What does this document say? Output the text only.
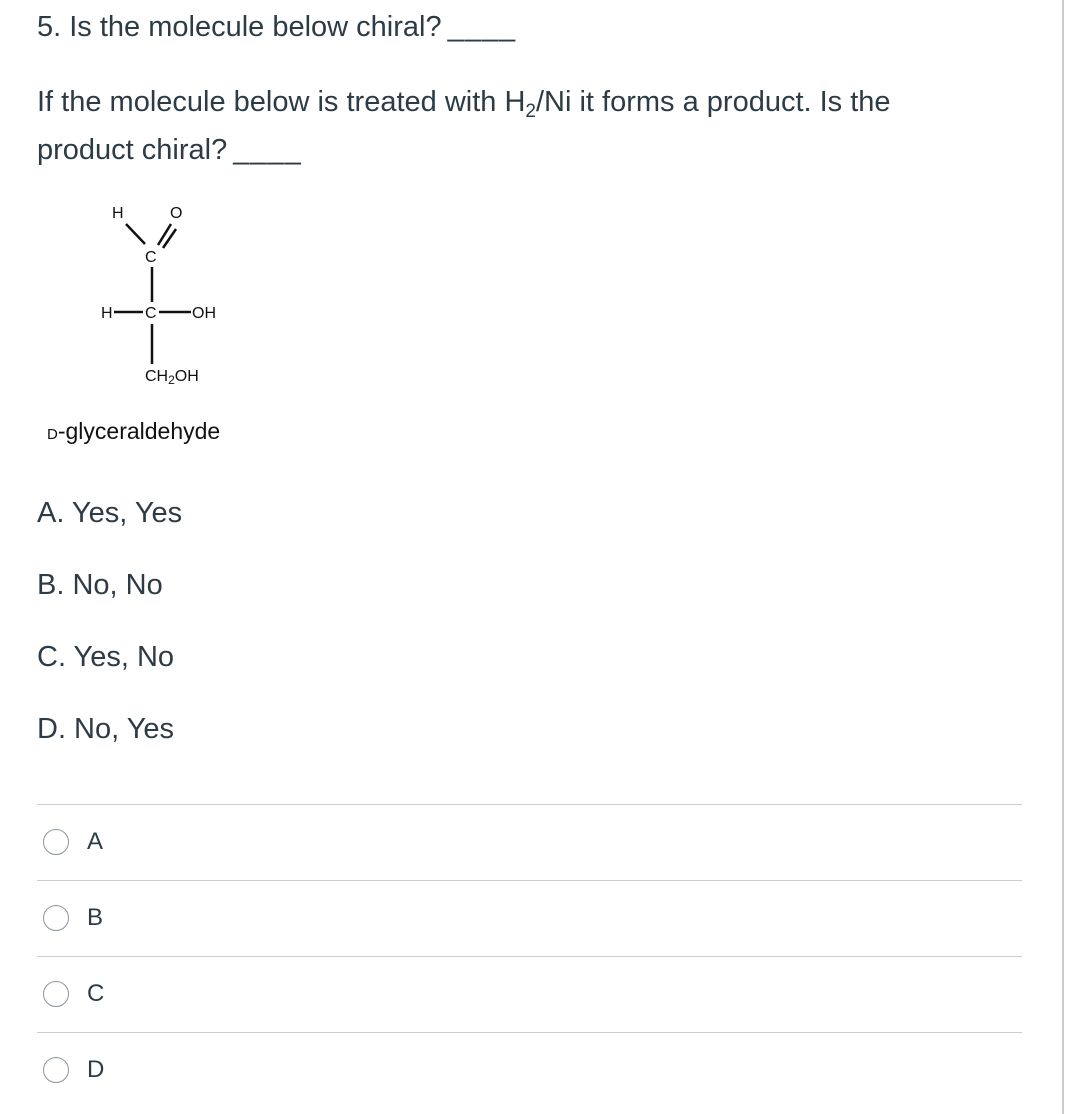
5. Is the molecule below chiral? ____
If the molecule below is treated with $H_2/Ni$ it forms a product. Is the
product chiral? ____
H	O
C
H C OH
CH2OH
D-glyceraldehyde
A. Yes, Yes
B. No, No
C. Yes, No
D. No, Yes
A
B
C
D
